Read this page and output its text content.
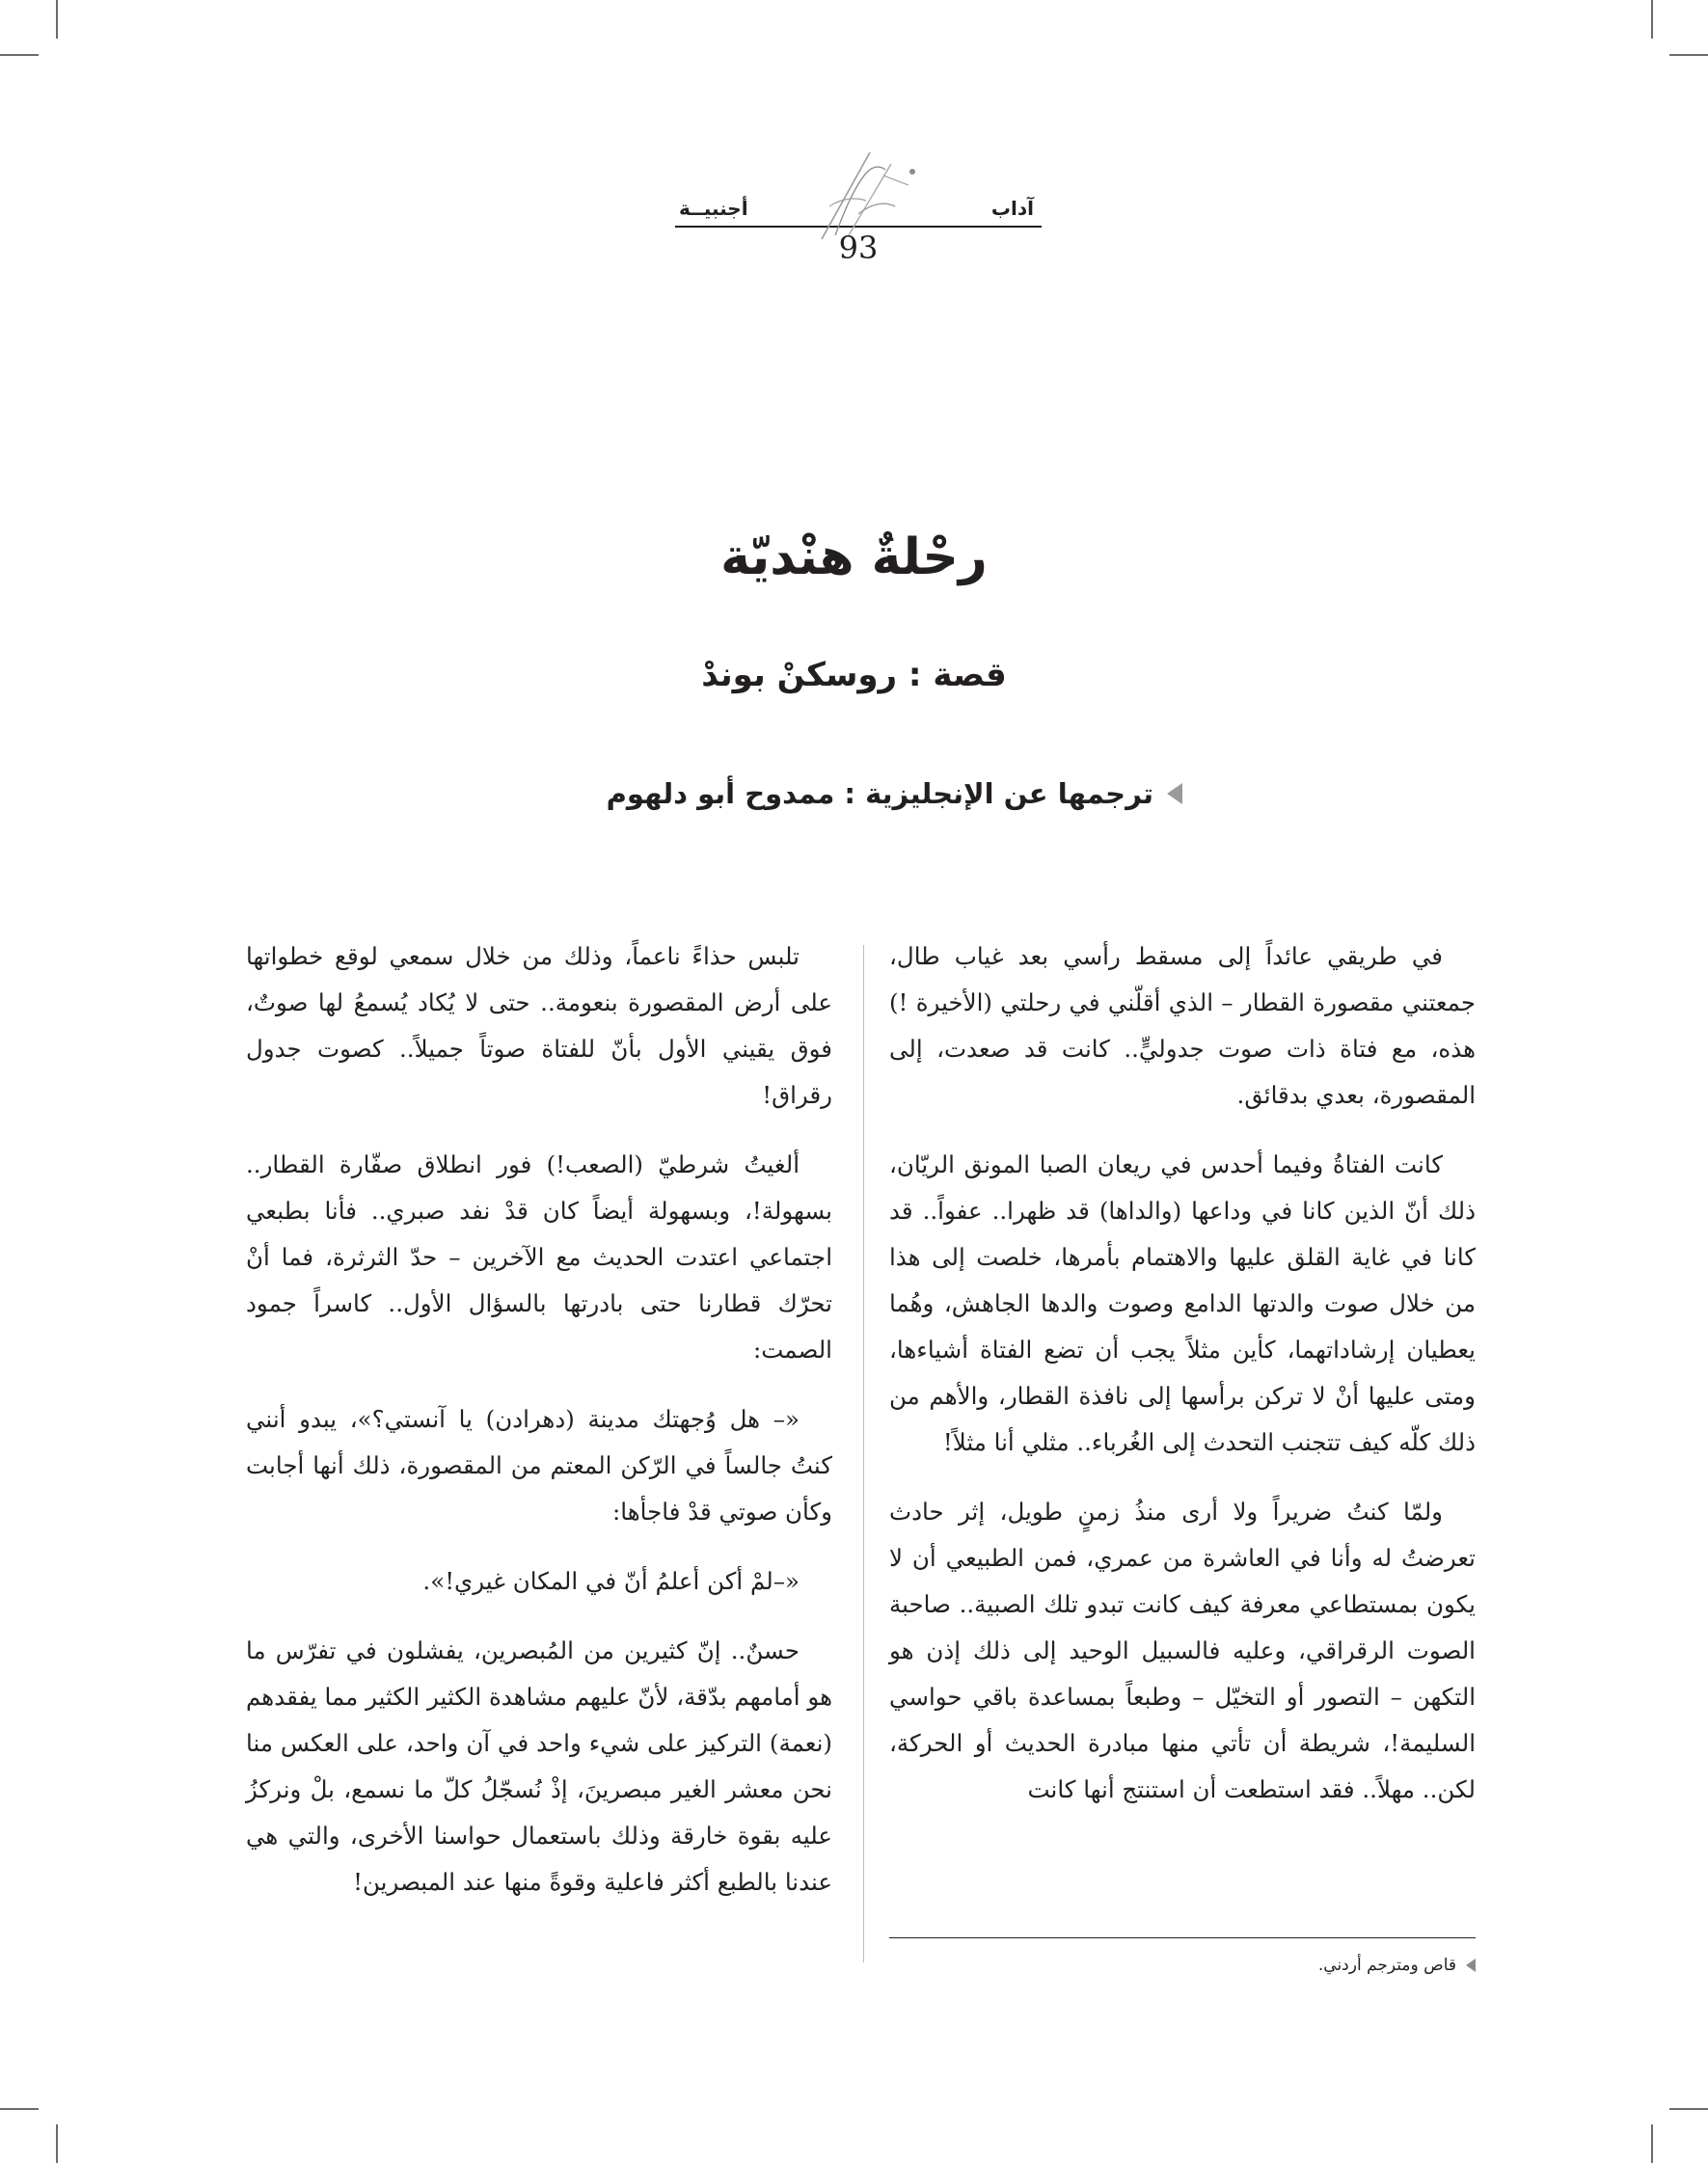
آداب
أجنبيــة
93
رحْلةٌ هنْديّة
قصة : روسكنْ بوندْ
ترجمها عن الإنجليزية : ممدوح أبو دلهوم

في طريقي عائداً إلى مسقط رأسي بعد غياب طال، جمعتني مقصورة القطار – الذي أقلّني في رحلتي (الأخيرة !) هذه، مع فتاة ذات صوت جدوليٍّ.. كانت قد صعدت، إلى المقصورة، بعدي بدقائق.

كانت الفتاةُ وفيما أحدس في ريعان الصبا المونق الريّان، ذلك أنّ الذين كانا في وداعها (والداها) قد ظهرا.. عفواً.. قد كانا في غاية القلق عليها والاهتمام بأمرها، خلصت إلى هذا من خلال صوت والدتها الدامع وصوت والدها الجاهش، وهُما يعطيان إرشاداتهما، كأين مثلاً يجب أن تضع الفتاة أشياءها، ومتى عليها أنْ لا تركن برأسها إلى نافذة القطار، والأهم من ذلك كلّه كيف تتجنب التحدث إلى الغُرباء.. مثلي أنا مثلاً!

ولمّا كنتُ ضريراً ولا أرى منذُ زمنٍ طويل، إثر حادث تعرضتُ له وأنا في العاشرة من عمري، فمن الطبيعي أن لا يكون بمستطاعي معرفة كيف كانت تبدو تلك الصبية.. صاحبة الصوت الرقراقي، وعليه فالسبيل الوحيد إلى ذلك إذن هو التكهن – التصور أو التخيّل – وطبعاً بمساعدة باقي حواسي السليمة!، شريطة أن تأتي منها مبادرة الحديث أو الحركة، لكن.. مهلاً.. فقد استطعت أن استنتج أنها كانت

تلبس حذاءً ناعماً، وذلك من خلال سمعي لوقع خطواتها على أرض المقصورة بنعومة.. حتى لا يُكاد يُسمعُ لها صوتٌ، فوق يقيني الأول بأنّ للفتاة صوتاً جميلاً.. كصوت جدول رقراق!

ألغيتُ شرطيّ (الصعب!) فور انطلاق صفّارة القطار.. بسهولة!، وبسهولة أيضاً كان قدْ نفد صبري.. فأنا بطبعي اجتماعي اعتدت الحديث مع الآخرين – حدّ الثرثرة، فما أنْ تحرّك قطارنا حتى بادرتها بالسؤال الأول.. كاسراً جمود الصمت:

«– هل وُجهتك مدينة (دهرادن) يا آنستي؟»، يبدو أنني كنتُ جالساً في الرّكن المعتم من المقصورة، ذلك أنها أجابت وكأن صوتي قدْ فاجأها:

«–لمْ أكن أعلمُ أنّ في المكان غيري!».

حسنٌ.. إنّ كثيرين من المُبصرين، يفشلون في تفرّس ما هو أمامهم بدّقة، لأنّ عليهم مشاهدة الكثير الكثير مما يفقدهم (نعمة) التركيز على شيء واحد في آن واحد، على العكس منا نحن معشر الغير مبصرينَ، إذْ نُسجّلُ كلّ ما نسمع، بلْ ونركزُ عليه بقوة خارقة وذلك باستعمال حواسنا الأخرى، والتي هي عندنا بالطبع أكثر فاعلية وقوةً منها عند المبصرين!

قاص ومترجم أردني.
